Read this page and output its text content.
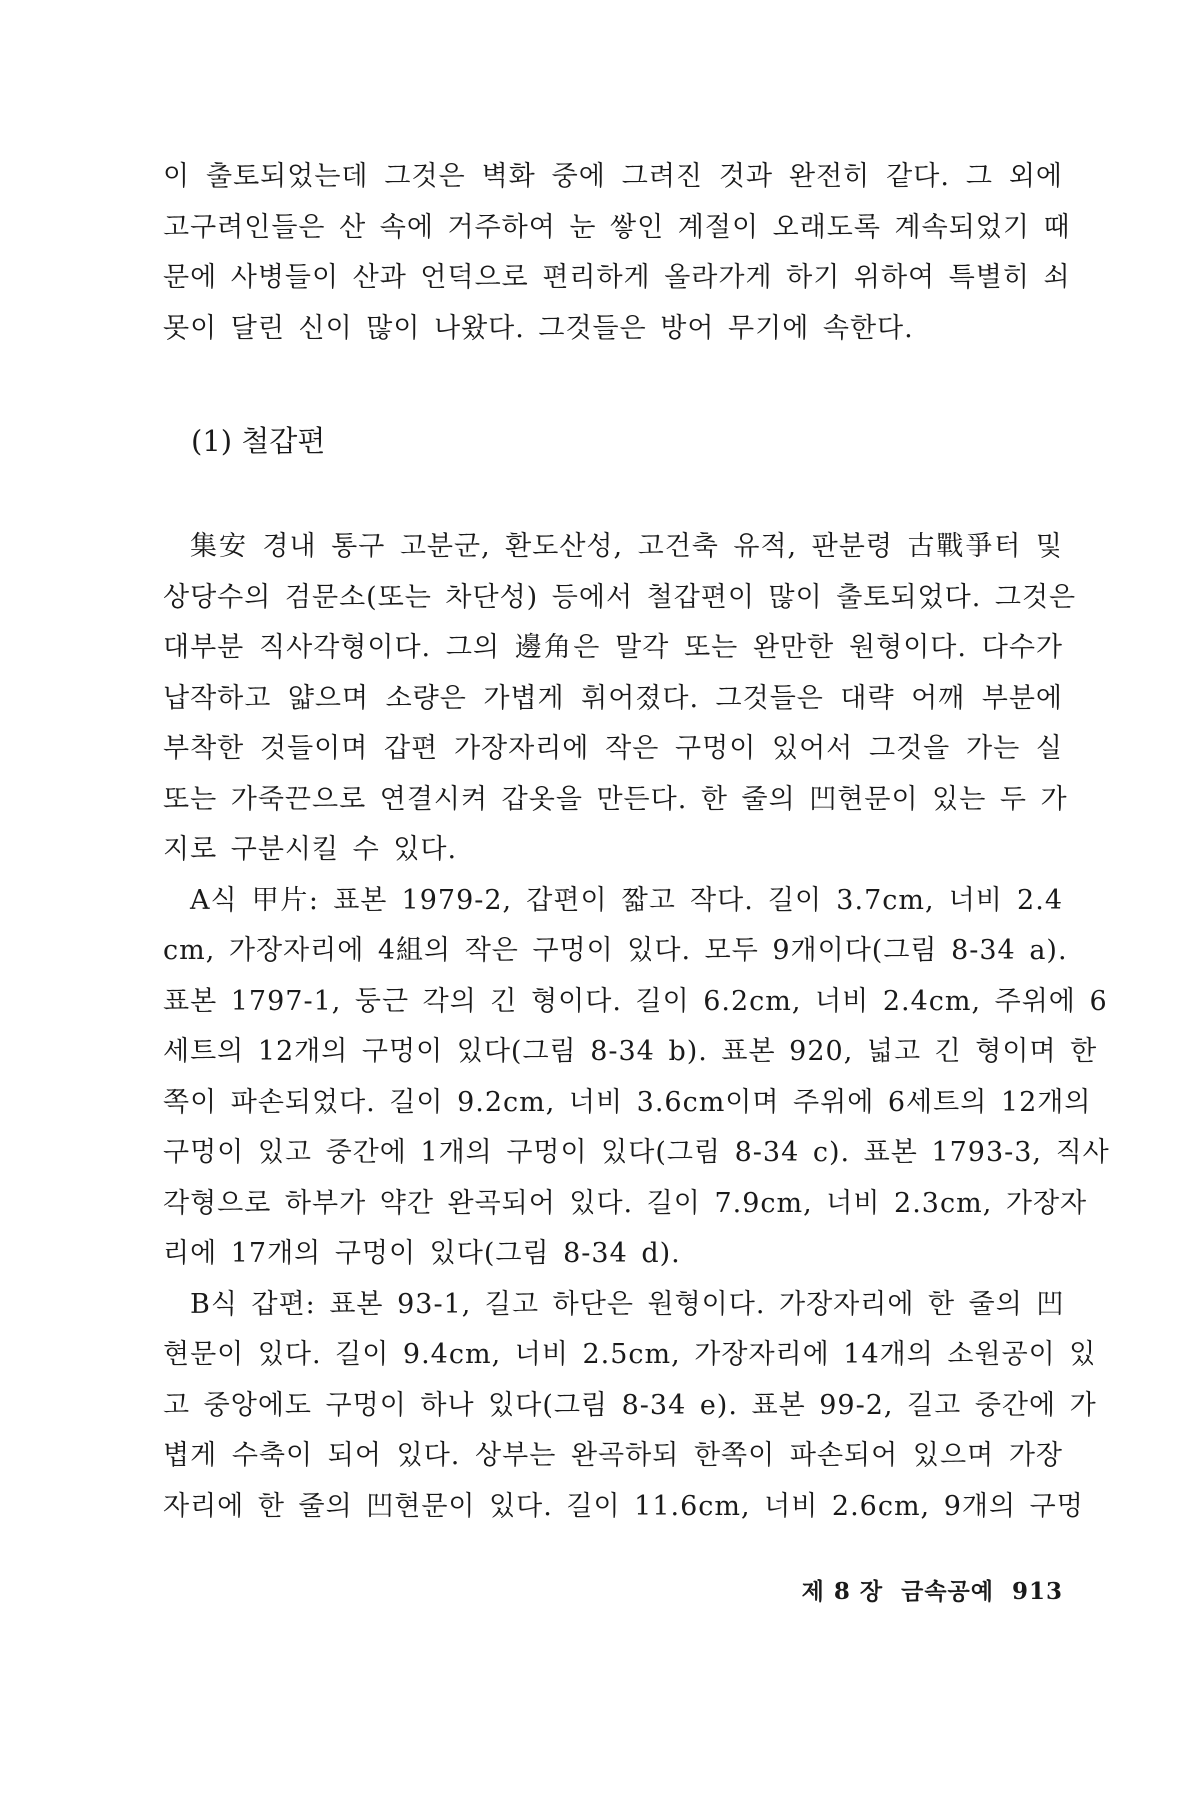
이 출토되었는데 그것은 벽화 중에 그려진 것과 완전히 같다. 그 외에
고구려인들은 산 속에 거주하여 눈 쌓인 계절이 오래도록 계속되었기 때
문에 사병들이 산과 언덕으로 편리하게 올라가게 하기 위하여 특별히 쇠
못이 달린 신이 많이 나왔다. 그것들은 방어 무기에 속한다.
(1) 철갑편
集安 경내 통구 고분군, 환도산성, 고건축 유적, 판분령 古戰爭터 및
상당수의 검문소(또는 차단성) 등에서 철갑편이 많이 출토되었다. 그것은
대부분 직사각형이다. 그의 邊角은 말각 또는 완만한 원형이다. 다수가
납작하고 얇으며 소량은 가볍게 휘어졌다. 그것들은 대략 어깨 부분에
부착한 것들이며 갑편 가장자리에 작은 구멍이 있어서 그것을 가는 실
또는 가죽끈으로 연결시켜 갑옷을 만든다. 한 줄의 凹현문이 있는 두 가
지로 구분시킬 수 있다.
A식 甲片: 표본 1979-2, 갑편이 짧고 작다. 길이 3.7cm, 너비 2.4
cm, 가장자리에 4組의 작은 구멍이 있다. 모두 9개이다(그림 8-34 a).
표본 1797-1, 둥근 각의 긴 형이다. 길이 6.2cm, 너비 2.4cm, 주위에 6
세트의 12개의 구멍이 있다(그림 8-34 b). 표본 920, 넓고 긴 형이며 한
쪽이 파손되었다. 길이 9.2cm, 너비 3.6cm이며 주위에 6세트의 12개의
구멍이 있고 중간에 1개의 구멍이 있다(그림 8-34 c). 표본 1793-3, 직사
각형으로 하부가 약간 완곡되어 있다. 길이 7.9cm, 너비 2.3cm, 가장자
리에 17개의 구멍이 있다(그림 8-34 d).
B식 갑편: 표본 93-1, 길고 하단은 원형이다. 가장자리에 한 줄의 凹
현문이 있다. 길이 9.4cm, 너비 2.5cm, 가장자리에 14개의 소원공이 있
고 중앙에도 구멍이 하나 있다(그림 8-34 e). 표본 99-2, 길고 중간에 가
볍게 수축이 되어 있다. 상부는 완곡하되 한쪽이 파손되어 있으며 가장
자리에 한 줄의 凹현문이 있다. 길이 11.6cm, 너비 2.6cm, 9개의 구멍
제 8 장 금속공예 913
